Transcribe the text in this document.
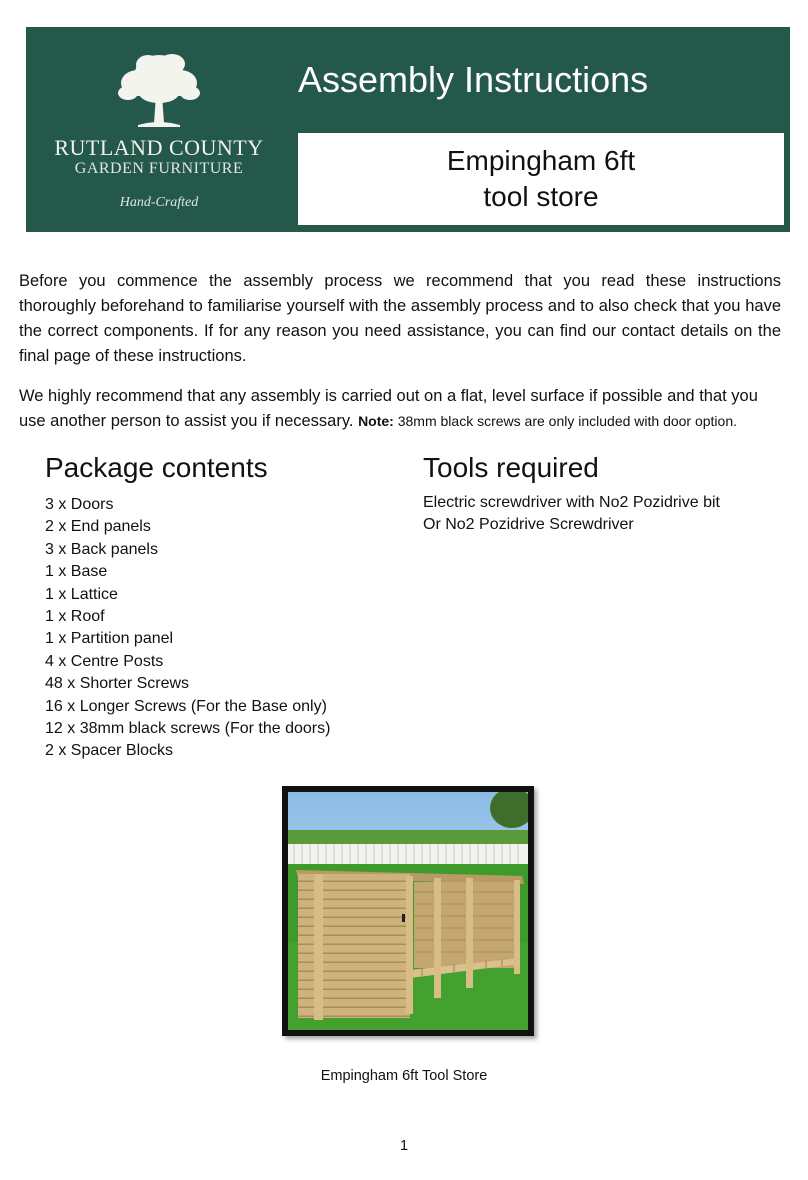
RUTLAND COUNTY
GARDEN FURNITURE
Hand-Crafted
Assembly Instructions
Empingham 6ft
tool store

Before you commence the assembly process we recommend that you read these instructions thoroughly beforehand to familiarise yourself with the assembly process and to also check that you have the correct components. If for any reason you need assistance, you can find our contact details on the final page of these instructions.

We highly recommend that any assembly is carried out on a flat, level surface if possible and that you use another person to assist you if necessary. Note: 38mm black screws are only included with door option.

Package contents
3 x Doors
2 x End panels
3 x Back panels
1 x Base
1 x Lattice
1 x Roof
1 x Partition panel
4 x Centre Posts
48 x Shorter Screws
16 x Longer Screws (For the Base only)
12 x 38mm black screws (For the doors)
2 x Spacer Blocks
Tools required
Electric screwdriver with No2 Pozidrive bit
Or No2 Pozidrive Screwdriver
Empingham 6ft Tool Store
1
